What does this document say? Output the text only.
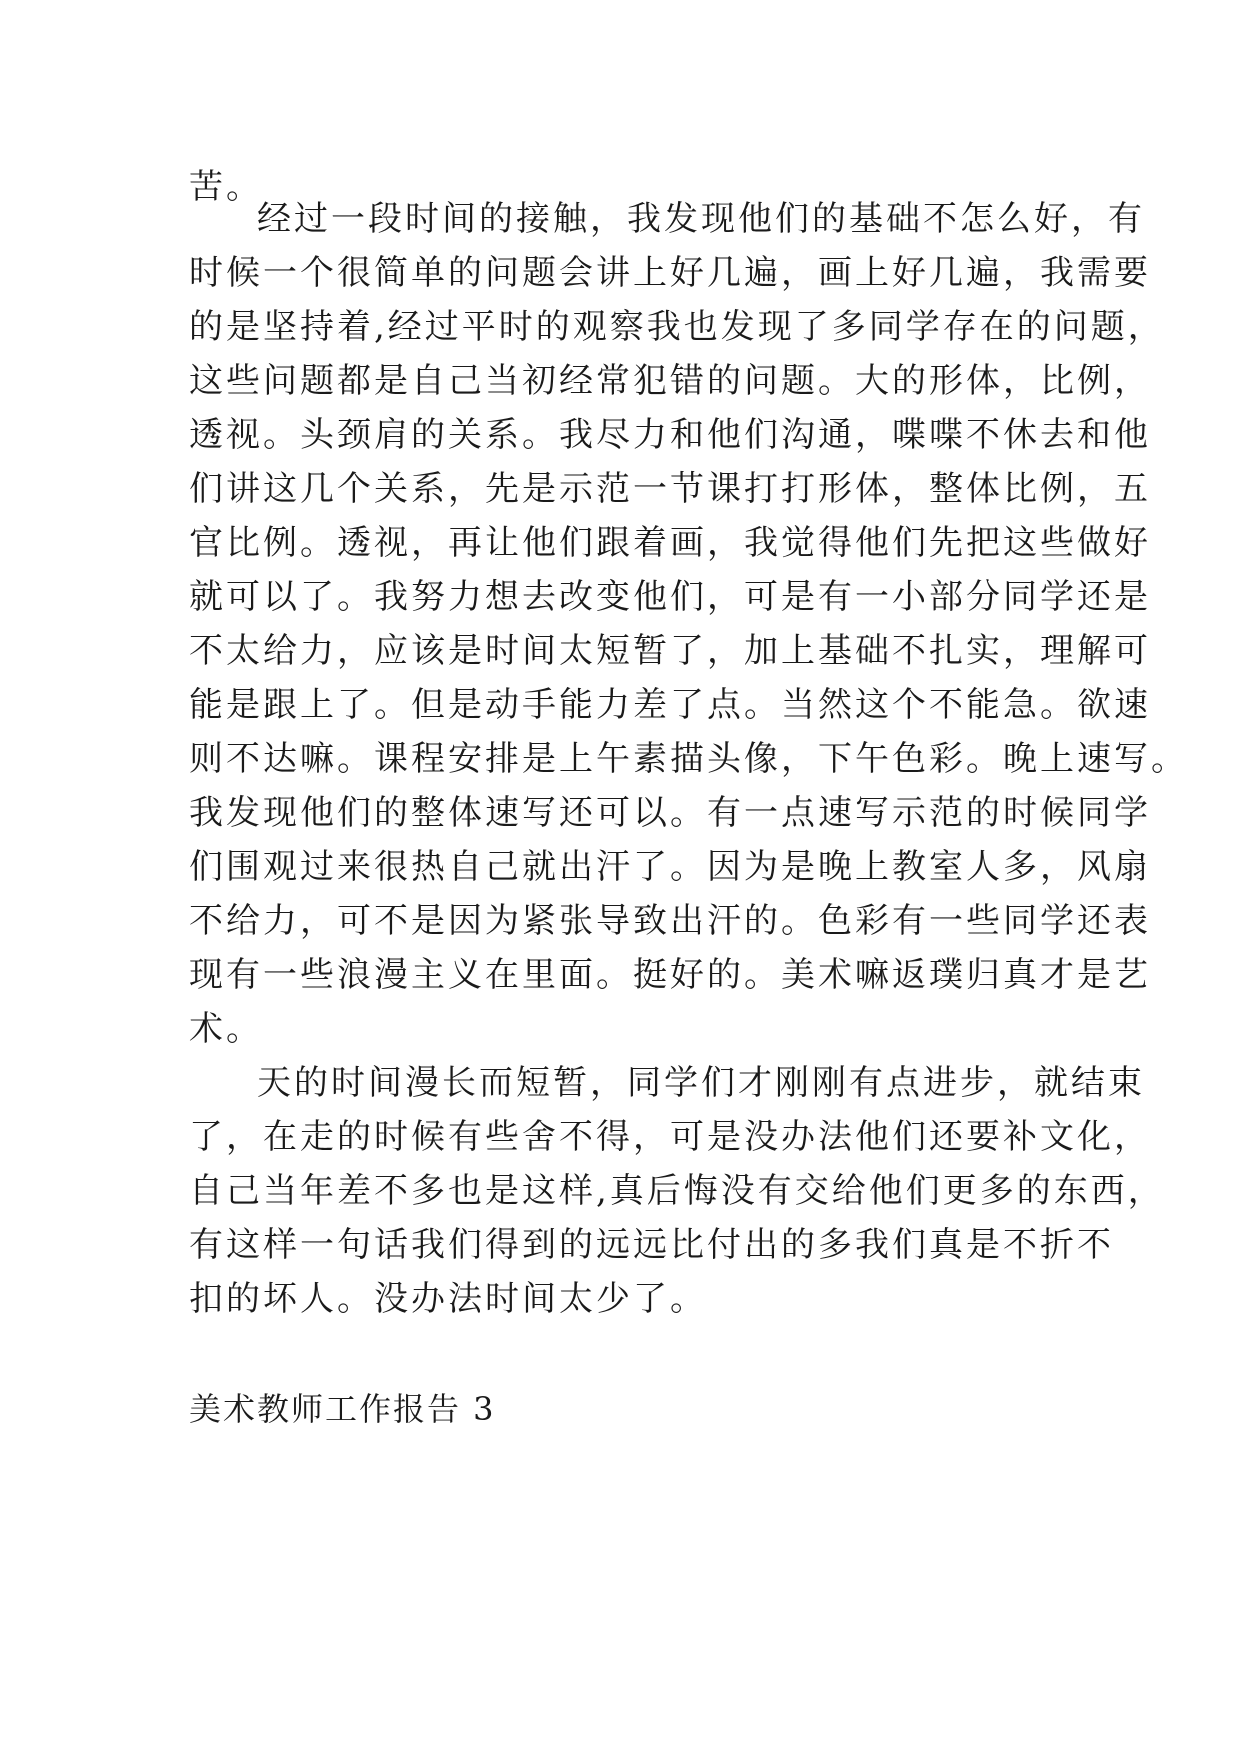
苦。
经过一段时间的接触，我发现他们的基础不怎么好，有
时候一个很简单的问题会讲上好几遍，画上好几遍，我需要
的是坚持着,经过平时的观察我也发现了多同学存在的问题，
这些问题都是自己当初经常犯错的问题。大的形体，比例，
透视。头颈肩的关系。我尽力和他们沟通，喋喋不休去和他
们讲这几个关系，先是示范一节课打打形体，整体比例，五
官比例。透视，再让他们跟着画，我觉得他们先把这些做好
就可以了。我努力想去改变他们，可是有一小部分同学还是
不太给力，应该是时间太短暂了，加上基础不扎实，理解可
能是跟上了。但是动手能力差了点。当然这个不能急。欲速
则不达嘛。课程安排是上午素描头像，下午色彩。晚上速写。
我发现他们的整体速写还可以。有一点速写示范的时候同学
们围观过来很热自己就出汗了。因为是晚上教室人多，风扇
不给力，可不是因为紧张导致出汗的。色彩有一些同学还表
现有一些浪漫主义在里面。挺好的。美术嘛返璞归真才是艺
术。
天的时间漫长而短暂，同学们才刚刚有点进步，就结束
了，在走的时候有些舍不得，可是没办法他们还要补文化，
自己当年差不多也是这样,真后悔没有交给他们更多的东西，
有这样一句话我们得到的远远比付出的多我们真是不折不
扣的坏人。没办法时间太少了。
美术教师工作报告 3
